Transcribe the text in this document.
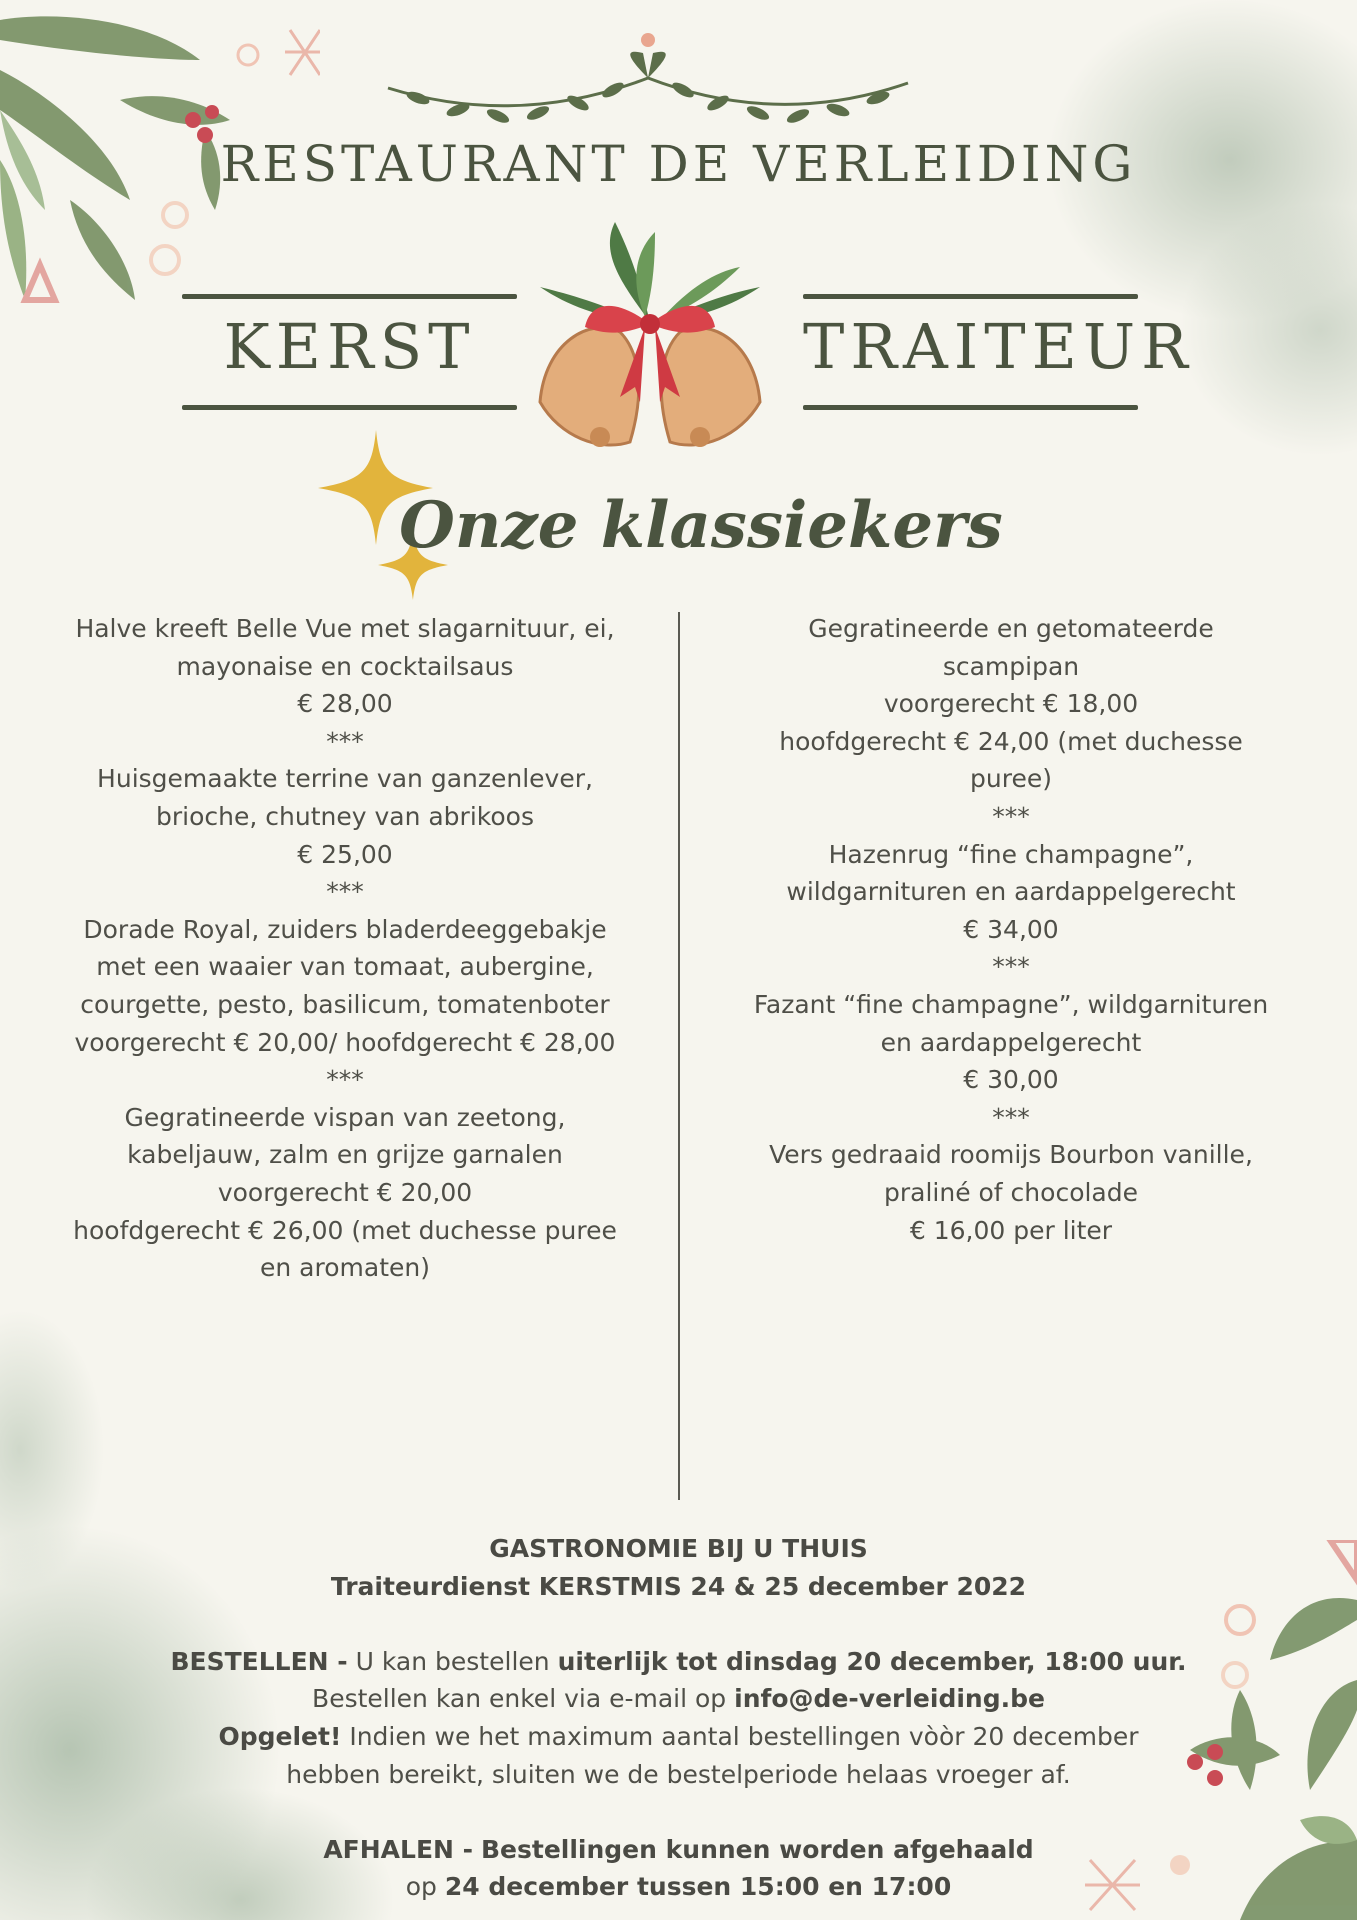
RESTAURANT DE VERLEIDING
KERST	TRAITEUR
Onze klassiekers

Halve kreeft Belle Vue met slagarnituur, ei,
mayonaise en cocktailsaus
€ 28,00

***

Huisgemaakte terrine van ganzenlever,
brioche, chutney van abrikoos
€ 25,00

***

Dorade Royal, zuiders bladerdeeggebakje
met een waaier van tomaat, aubergine,
courgette, pesto, basilicum, tomatenboter
voorgerecht € 20,00/ hoofdgerecht € 28,00

***

Gegratineerde vispan van zeetong,
kabeljauw, zalm en grijze garnalen
voorgerecht € 20,00
hoofdgerecht € 26,00 (met duchesse puree
en aromaten)

Gegratineerde en getomateerde
scampipan
voorgerecht € 18,00
hoofdgerecht € 24,00 (met duchesse
puree)

***

Hazenrug “fine champagne”,
wildgarnituren en aardappelgerecht
€ 34,00

***

Fazant “fine champagne”, wildgarnituren
en aardappelgerecht
€ 30,00

***

Vers gedraaid roomijs Bourbon vanille,
praliné of chocolade
€ 16,00 per liter

GASTRONOMIE BIJ U THUIS

Traiteurdienst KERSTMIS 24 & 25 december 2022

BESTELLEN - U kan bestellen uiterlijk tot dinsdag 20 december, 18:00 uur.

Bestellen kan enkel via e-mail op info@de-verleiding.be

Opgelet! Indien we het maximum aantal bestellingen vòòr 20 december

hebben bereikt, sluiten we de bestelperiode helaas vroeger af.

AFHALEN - Bestellingen kunnen worden afgehaald

op 24 december tussen 15:00 en 17:00
